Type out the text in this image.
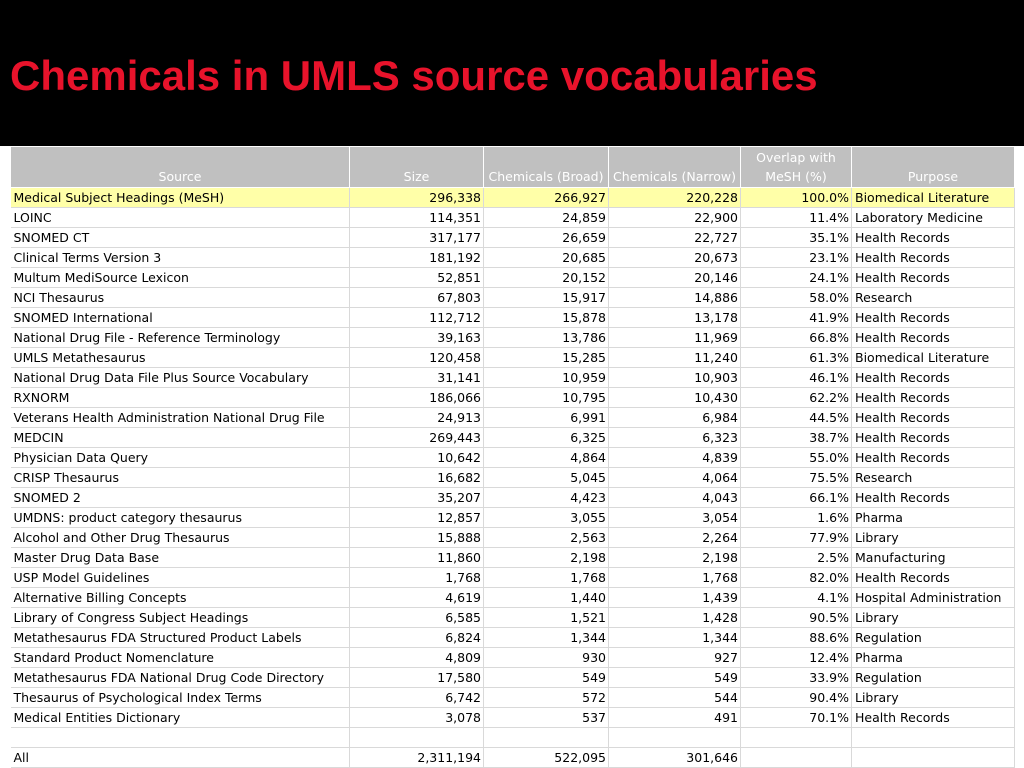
Chemicals in UMLS source vocabularies
Source	Size	Chemicals (Broad)	Chemicals (Narrow)	Overlap with MeSH (%)	Purpose
Medical Subject Headings (MeSH)	296,338	266,927	220,228	100.0%	Biomedical Literature
LOINC	114,351	24,859	22,900	11.4%	Laboratory Medicine
SNOMED CT	317,177	26,659	22,727	35.1%	Health Records
Clinical Terms Version 3	181,192	20,685	20,673	23.1%	Health Records
Multum MediSource Lexicon	52,851	20,152	20,146	24.1%	Health Records
NCI Thesaurus	67,803	15,917	14,886	58.0%	Research
SNOMED International	112,712	15,878	13,178	41.9%	Health Records
National Drug File - Reference Terminology	39,163	13,786	11,969	66.8%	Health Records
UMLS Metathesaurus	120,458	15,285	11,240	61.3%	Biomedical Literature
National Drug Data File Plus Source Vocabulary	31,141	10,959	10,903	46.1%	Health Records
RXNORM	186,066	10,795	10,430	62.2%	Health Records
Veterans Health Administration National Drug File	24,913	6,991	6,984	44.5%	Health Records
MEDCIN	269,443	6,325	6,323	38.7%	Health Records
Physician Data Query	10,642	4,864	4,839	55.0%	Health Records
CRISP Thesaurus	16,682	5,045	4,064	75.5%	Research
SNOMED 2	35,207	4,423	4,043	66.1%	Health Records
UMDNS: product category thesaurus	12,857	3,055	3,054	1.6%	Pharma
Alcohol and Other Drug Thesaurus	15,888	2,563	2,264	77.9%	Library
Master Drug Data Base	11,860	2,198	2,198	2.5%	Manufacturing
USP Model Guidelines	1,768	1,768	1,768	82.0%	Health Records
Alternative Billing Concepts	4,619	1,440	1,439	4.1%	Hospital Administration
Library of Congress Subject Headings	6,585	1,521	1,428	90.5%	Library
Metathesaurus FDA Structured Product Labels	6,824	1,344	1,344	88.6%	Regulation
Standard Product Nomenclature	4,809	930	927	12.4%	Pharma
Metathesaurus FDA National Drug Code Directory	17,580	549	549	33.9%	Regulation
Thesaurus of Psychological Index Terms	6,742	572	544	90.4%	Library
Medical Entities Dictionary	3,078	537	491	70.1%	Health Records

All	2,311,194	522,095	301,646		
